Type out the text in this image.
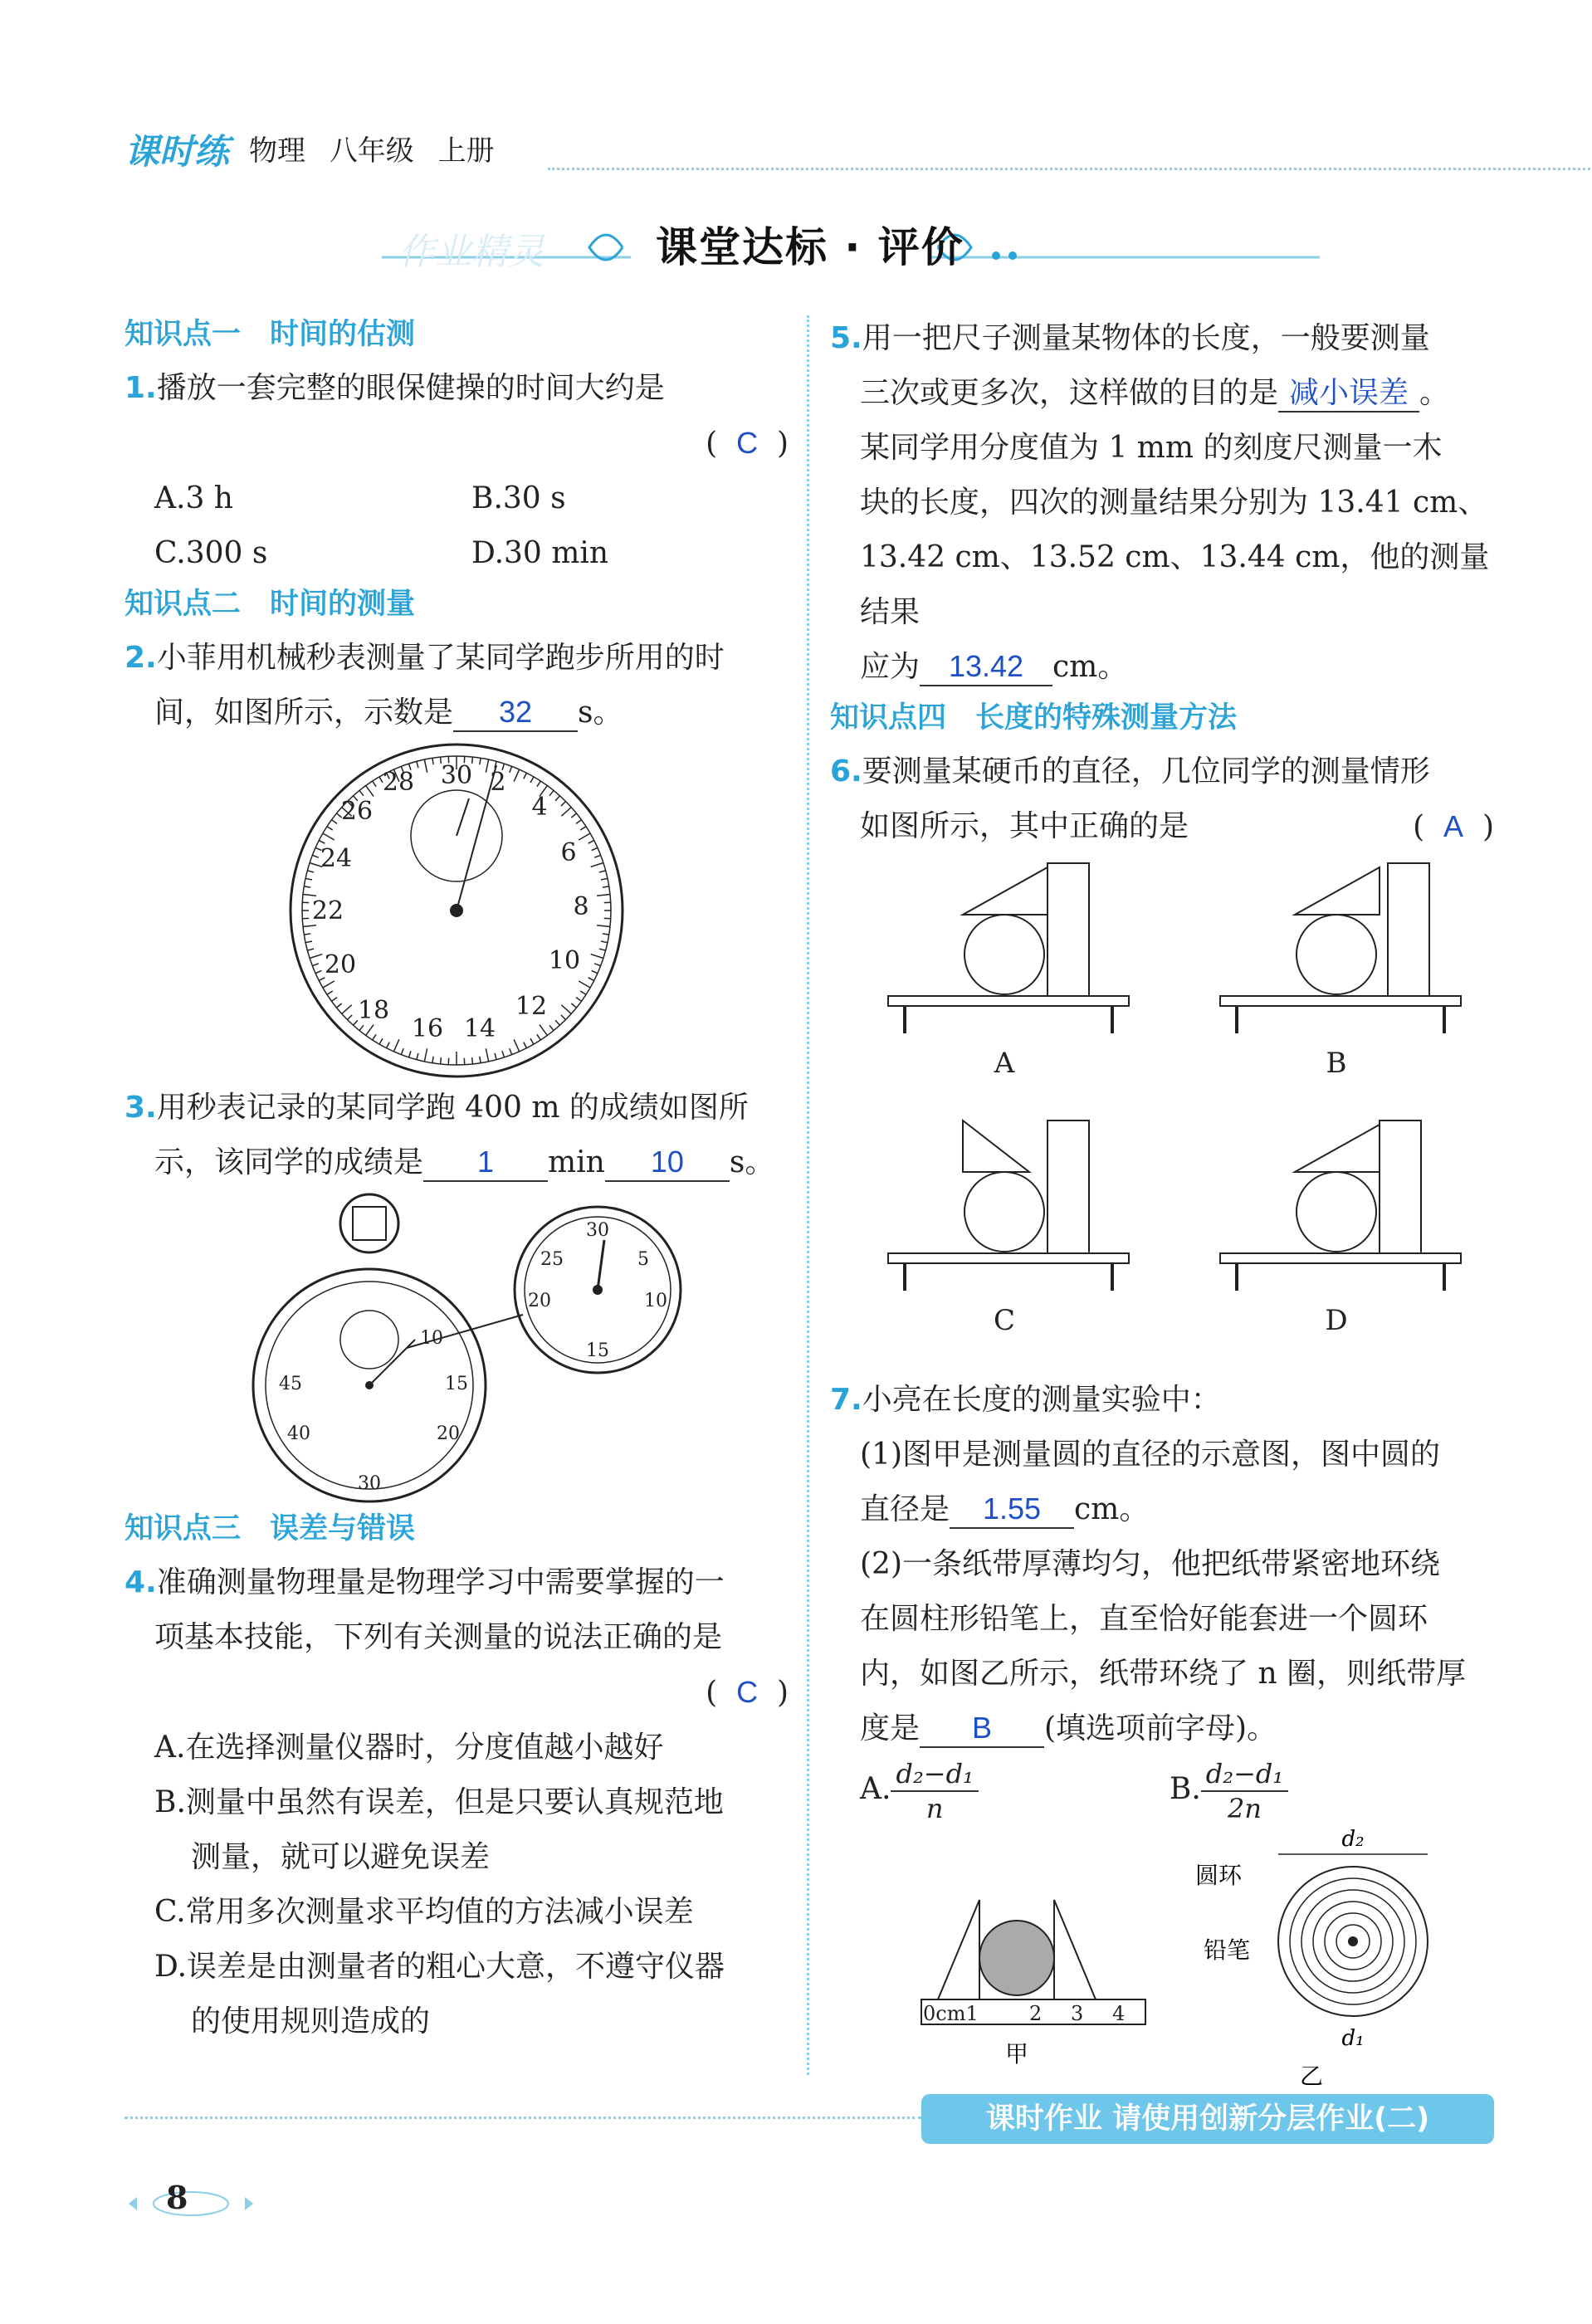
课时练 物理 八年级 上册
作业精灵	课堂达标 · 评价
知识点一　时间的估测
1.播放一套完整的眼保健操的时间大约是
(  C  )
A.3 h	B.30 s
C.300 s	D.30 min
知识点二　时间的测量
2.小菲用机械秒表测量了某同学跑步所用的时
间，如图所示，示数是 32 s。
30 2
4
6
8
10
12
14
16
18
20
22
24
26
28
3.用秒表记录的某同学跑 400 m 的成绩如图所
示，该同学的成绩是 1 min 10 s。
30
5
10
15
20
25
30
20
15
45
40
10
知识点三　误差与错误
4.准确测量物理量是物理学习中需要掌握的一
项基本技能，下列有关测量的说法正确的是
(  C  )
A.在选择测量仪器时，分度值越小越好
B.测量中虽然有误差，但是只要认真规范地
测量，就可以避免误差
C.常用多次测量求平均值的方法减小误差
D.误差是由测量者的粗心大意，不遵守仪器
的使用规则造成的
5.用一把尺子测量某物体的长度，一般要测量
三次或更多次，这样做的目的是 减小误差 。
某同学用分度值为 1 mm 的刻度尺测量一木
块的长度，四次的测量结果分别为 13.41 cm、
13.42 cm、13.52 cm、13.44 cm，他的测量结果
应为 13.42 cm。
知识点四　长度的特殊测量方法
6.要测量某硬币的直径，几位同学的测量情形
如图所示，其中正确的是	(  A  )
A	B
C	D
7.小亮在长度的测量实验中：
(1)图甲是测量圆的直径的示意图，图中圆的
直径是 1.55 cm。
(2)一条纸带厚薄均匀，他把纸带紧密地环绕
在圆柱形铅笔上，直至恰好能套进一个圆环
内，如图乙所示，纸带环绕了 n 圈，则纸带厚
度是 B (填选项前字母)。
A. $\frac{\text{d₂−d₁}}{n}$	B. $\frac{\text{d₂−d₁}}{2n}$
0cm1	2 3 4
甲
d₂
d₁
圆环
铅笔
乙
课时作业 请使用创新分层作业(二)
8
